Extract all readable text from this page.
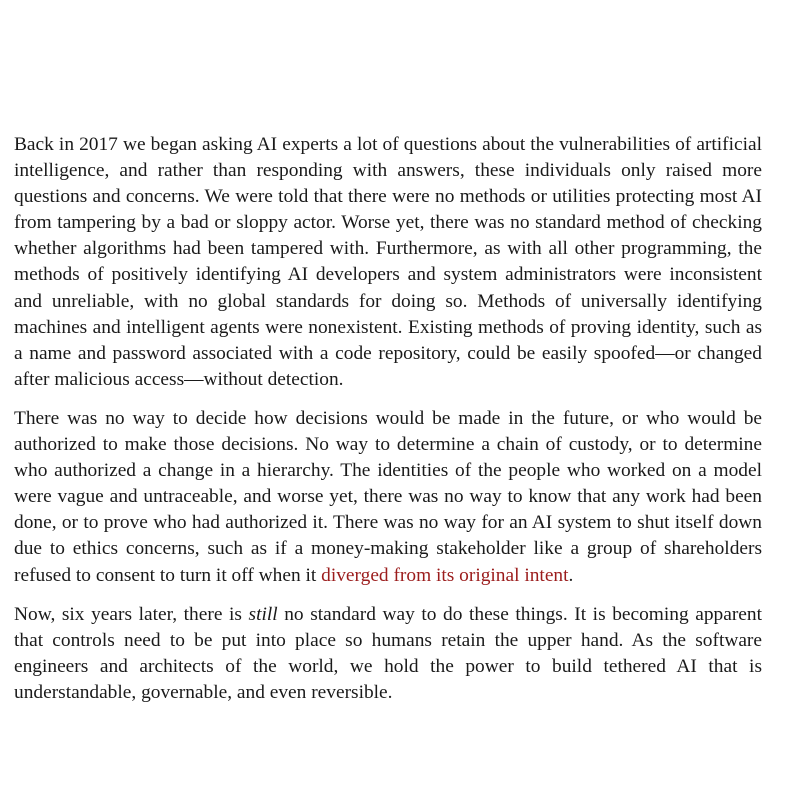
Back in 2017 we began asking AI experts a lot of questions about the vulnerabilities of artificial intelligence, and rather than responding with answers, these individuals only raised more questions and concerns. We were told that there were no methods or utilities protecting most AI from tampering by a bad or sloppy actor. Worse yet, there was no standard method of checking whether algorithms had been tampered with. Furthermore, as with all other programming, the methods of positively identifying AI developers and system administrators were inconsistent and unreliable, with no global standards for doing so. Methods of universally identifying machines and intelligent agents were nonexistent. Existing methods of proving identity, such as a name and password associated with a code repository, could be easily spoofed—or changed after malicious access—without detection.

There was no way to decide how decisions would be made in the future, or who would be authorized to make those decisions. No way to determine a chain of custody, or to determine who authorized a change in a hierarchy. The identities of the people who worked on a model were vague and untraceable, and worse yet, there was no way to know that any work had been done, or to prove who had authorized it. There was no way for an AI system to shut itself down due to ethics concerns, such as if a money-making stakeholder like a group of shareholders refused to consent to turn it off when it diverged from its original intent.

Now, six years later, there is still no standard way to do these things. It is becoming apparent that controls need to be put into place so humans retain the upper hand. As the software engineers and architects of the world, we hold the power to build tethered AI that is understandable, governable, and even reversible.
